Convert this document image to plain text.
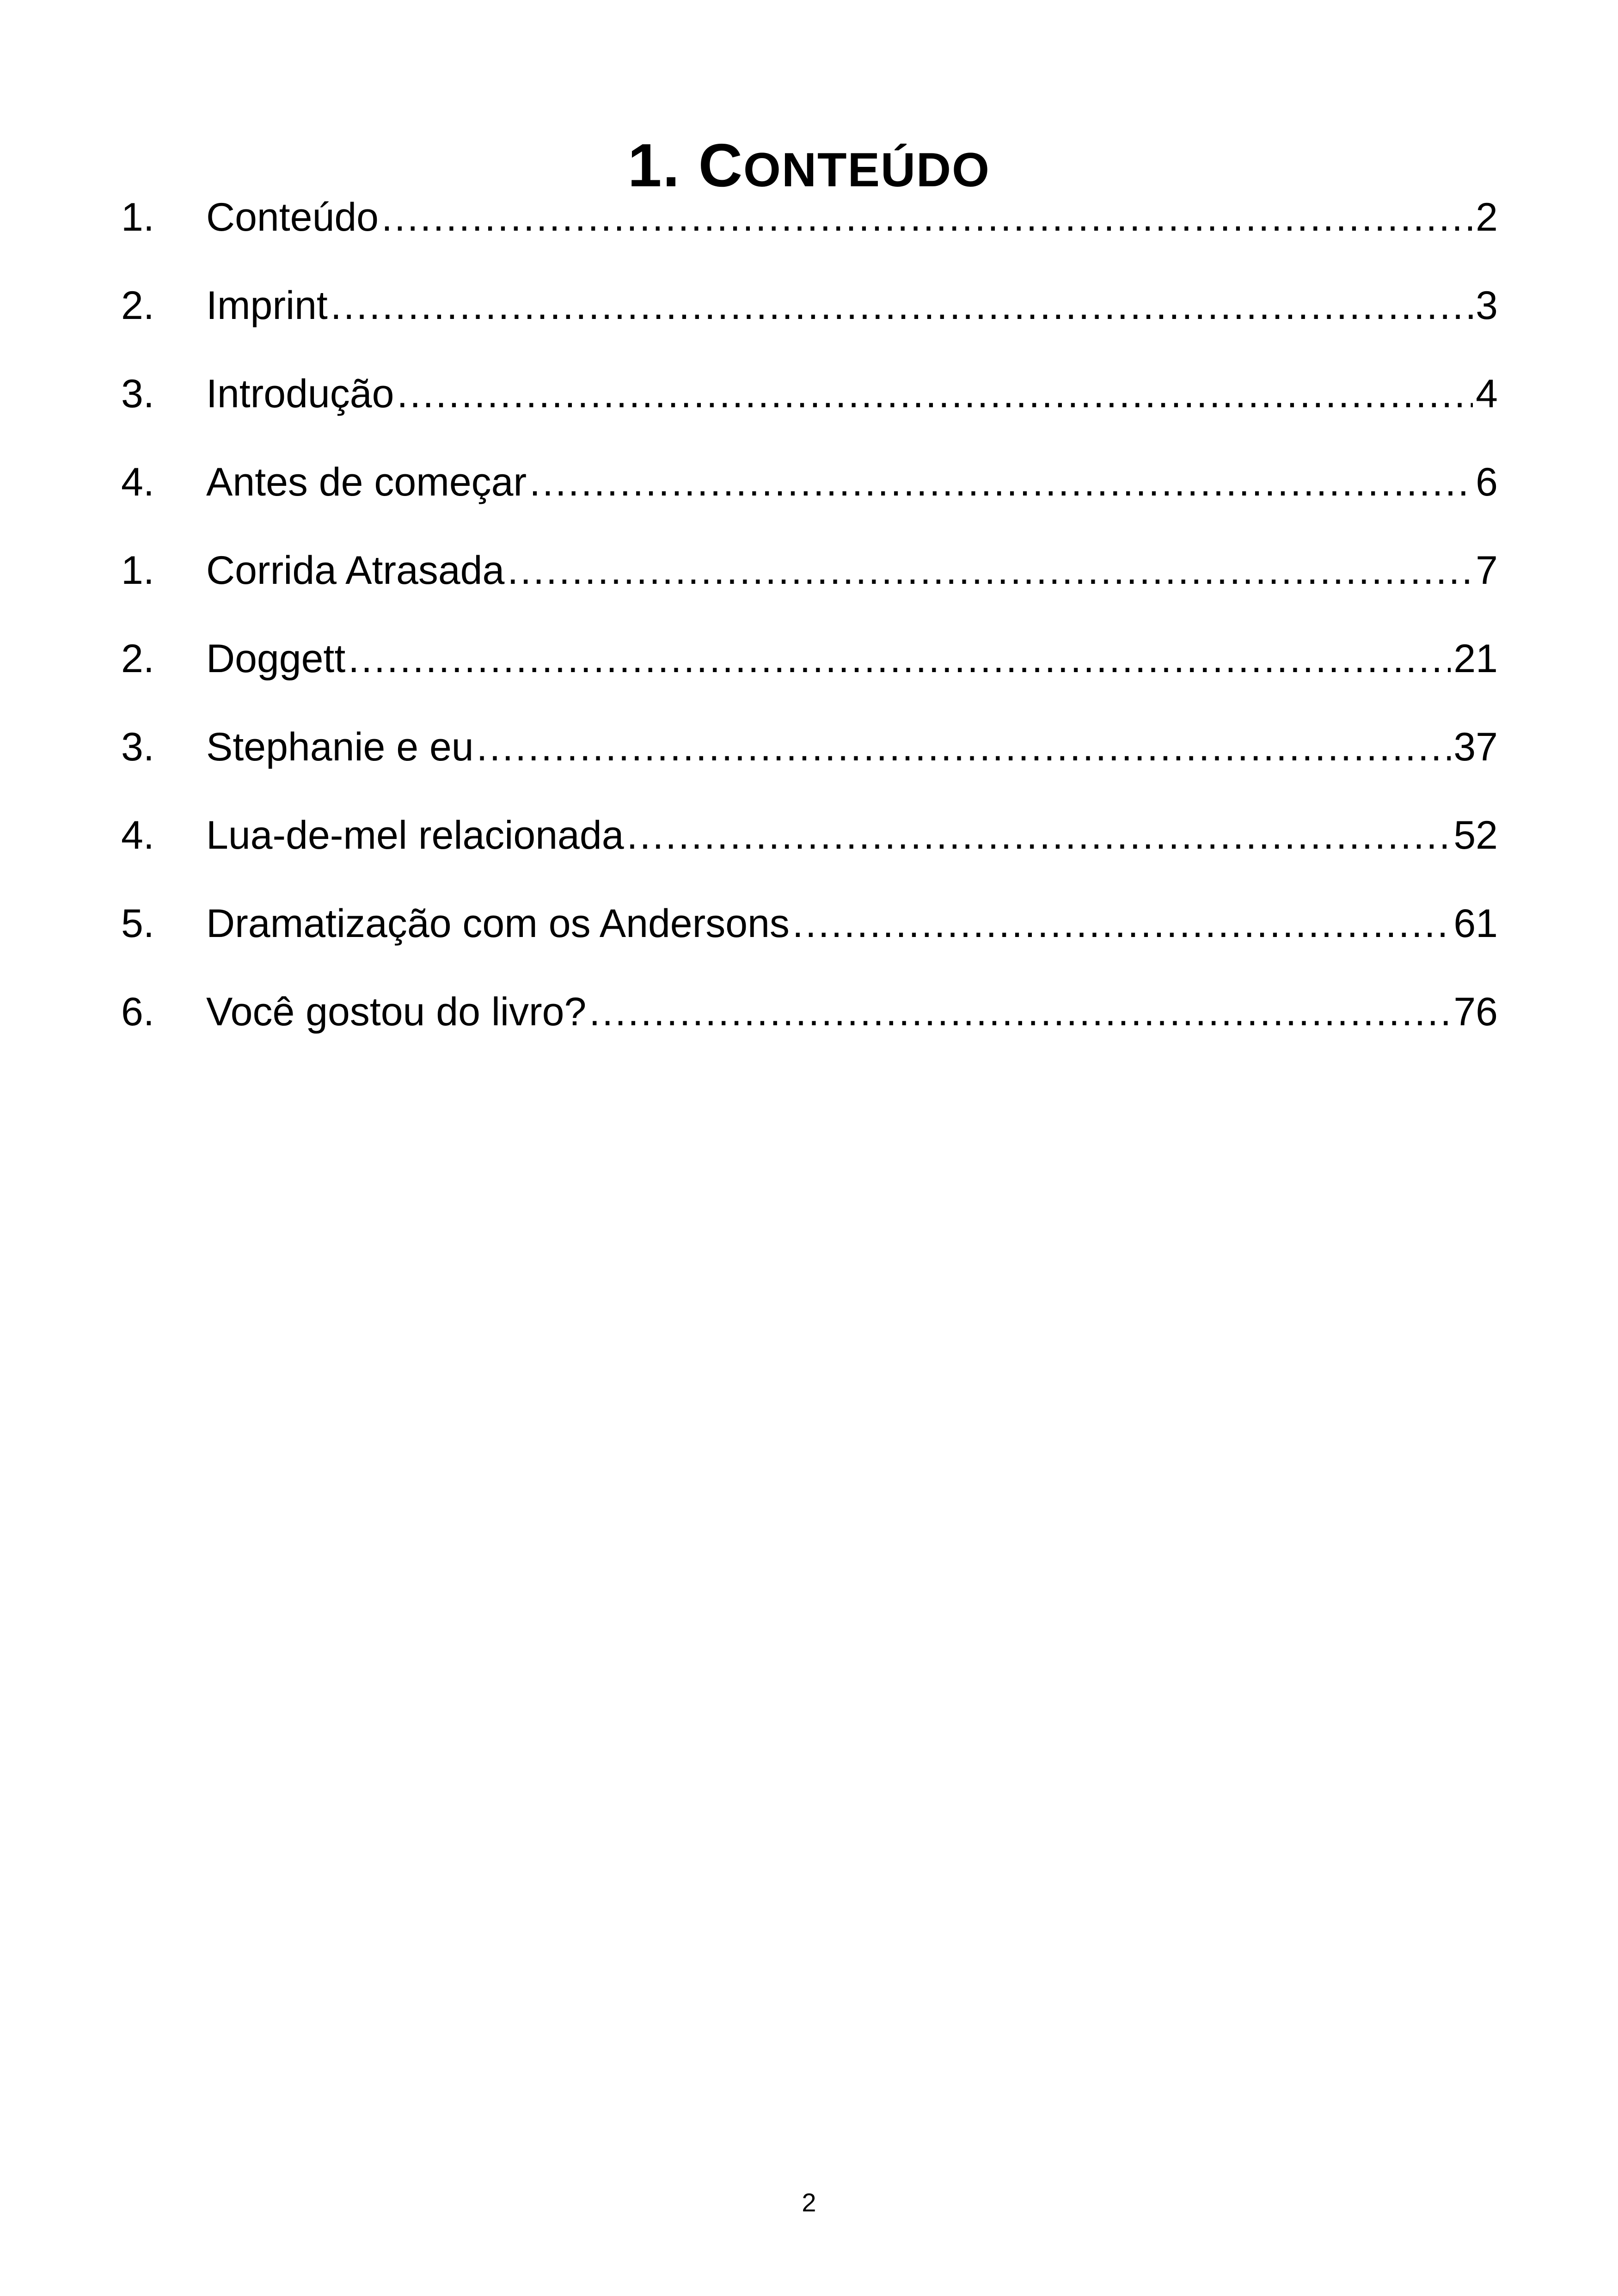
1. CONTEÚDO
1.	Conteúdo .....	2
2.	Imprint .....	3
3.	Introdução .....	4
4.	Antes de começar .....	6
1.	Corrida Atrasada .....	7
2.	Doggett .....	21
3.	Stephanie e eu .....	37
4.	Lua-de-mel relacionada .....	52
5.	Dramatização com os Andersons .....	61
6.	Você gostou do livro? .....	76
2
